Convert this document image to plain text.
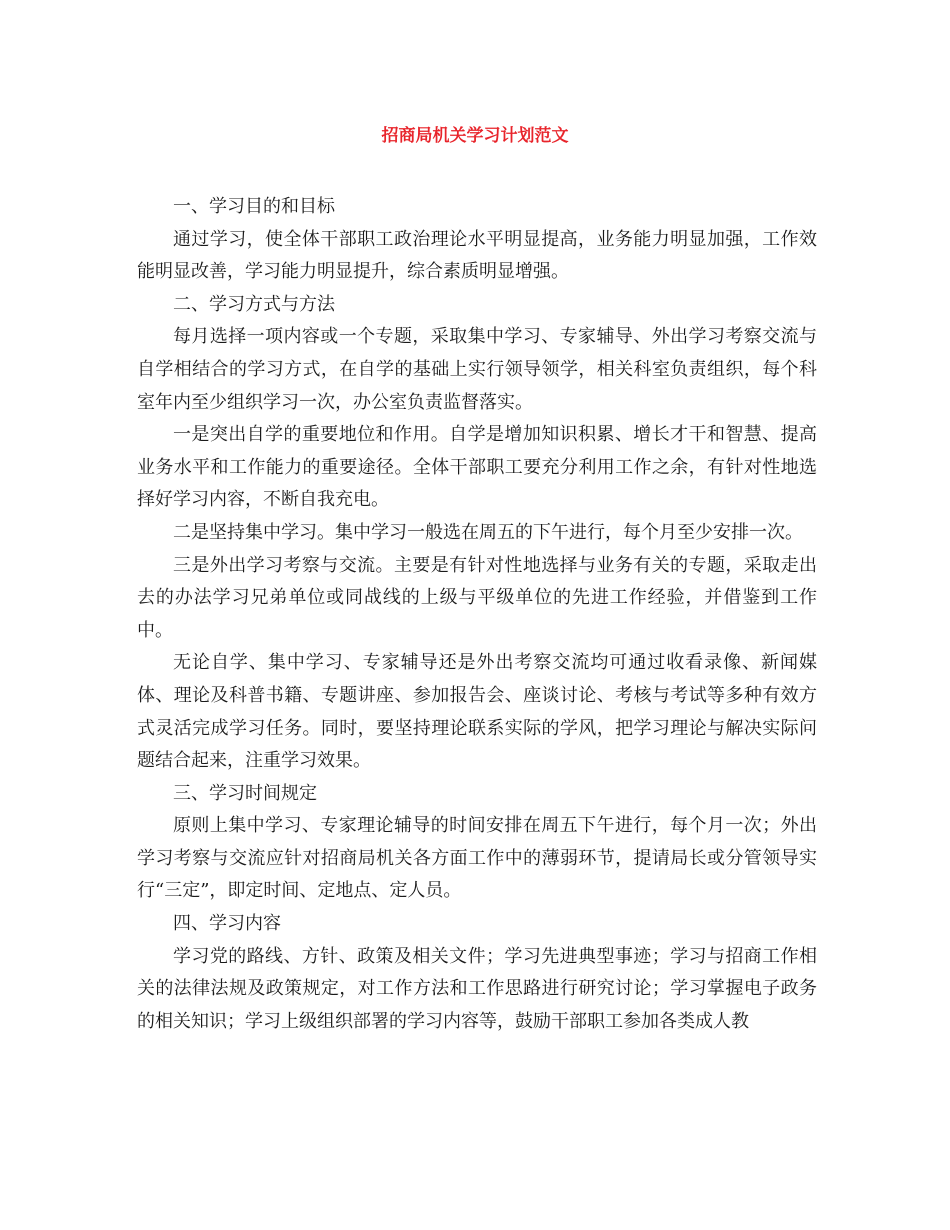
招商局机关学习计划范文

一、学习目的和目标

通过学习，使全体干部职工政治理论水平明显提高，业务能力明显加强，工作效能明显改善，学习能力明显提升，综合素质明显增强。

二、学习方式与方法

每月选择一项内容或一个专题，采取集中学习、专家辅导、外出学习考察交流与自学相结合的学习方式，在自学的基础上实行领导领学，相关科室负责组织，每个科室年内至少组织学习一次，办公室负责监督落实。

一是突出自学的重要地位和作用。自学是增加知识积累、增长才干和智慧、提高业务水平和工作能力的重要途径。全体干部职工要充分利用工作之余，有针对性地选择好学习内容，不断自我充电。

二是坚持集中学习。集中学习一般选在周五的下午进行，每个月至少安排一次。

三是外出学习考察与交流。主要是有针对性地选择与业务有关的专题，采取走出去的办法学习兄弟单位或同战线的上级与平级单位的先进工作经验，并借鉴到工作中。

无论自学、集中学习、专家辅导还是外出考察交流均可通过收看录像、新闻媒体、理论及科普书籍、专题讲座、参加报告会、座谈讨论、考核与考试等多种有效方式灵活完成学习任务。同时，要坚持理论联系实际的学风，把学习理论与解决实际问题结合起来，注重学习效果。

三、学习时间规定

原则上集中学习、专家理论辅导的时间安排在周五下午进行，每个月一次；外出学习考察与交流应针对招商局机关各方面工作中的薄弱环节，提请局长或分管领导实行“三定”，即定时间、定地点、定人员。

四、学习内容

学习党的路线、方针、政策及相关文件；学习先进典型事迹；学习与招商工作相关的法律法规及政策规定，对工作方法和工作思路进行研究讨论；学习掌握电子政务的相关知识；学习上级组织部署的学习内容等，鼓励干部职工参加各类成人教
